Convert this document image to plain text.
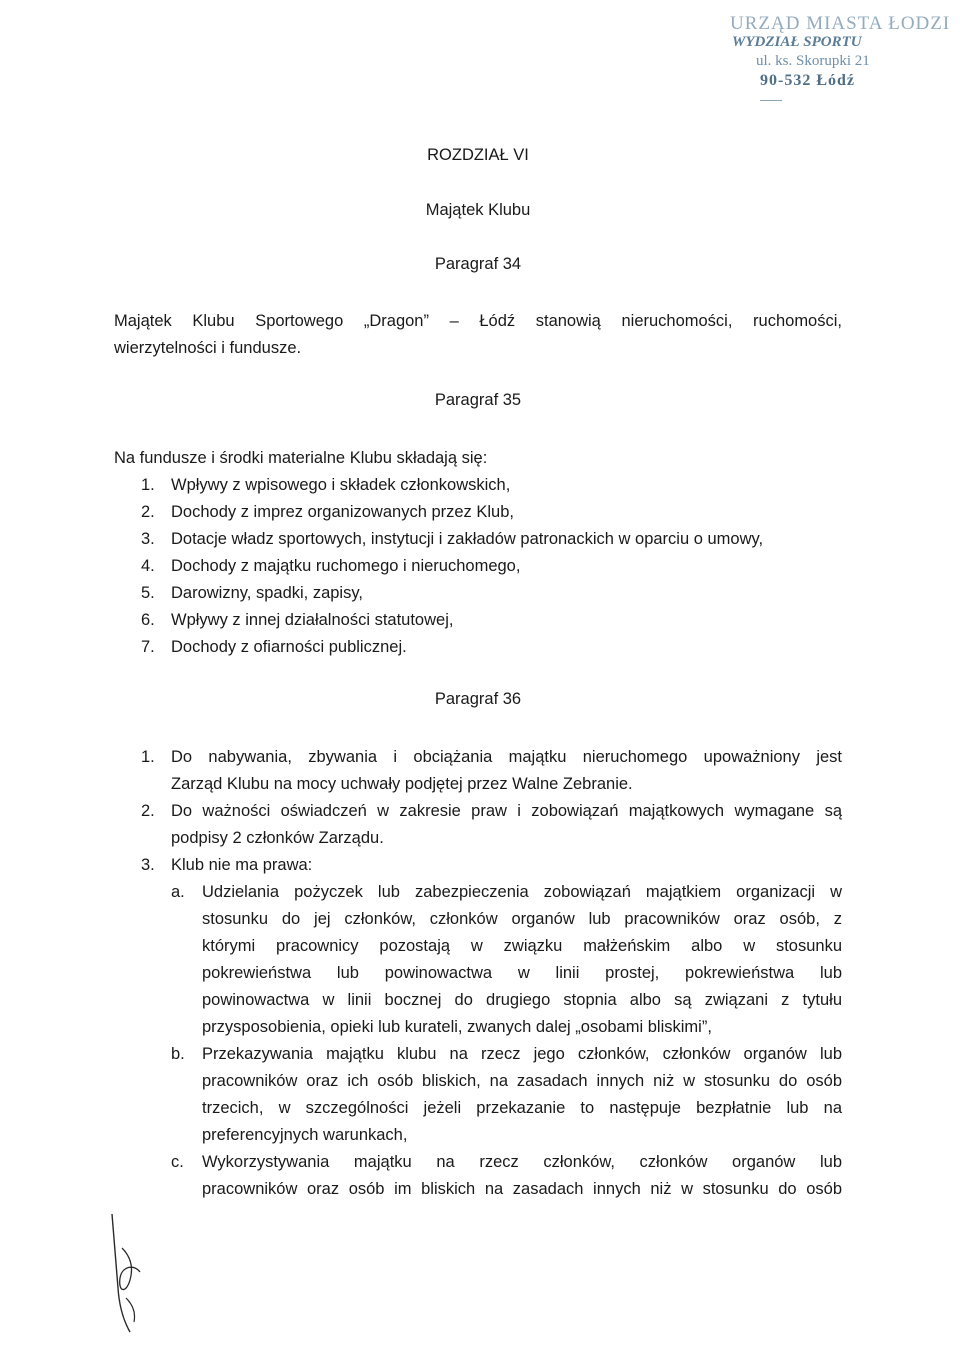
URZĄD MIASTA ŁODZI
WYDZIAŁ SPORTU
ul. ks. Skorupki 21
90-532 Łódź
ROZDZIAŁ VI
Majątek Klubu
Paragraf 34
Majątek Klubu Sportowego „Dragon” – Łódź stanowią nieruchomości, ruchomości,
wierzytelności i fundusze.
Paragraf 35
Na fundusze i środki materialne Klubu składają się:
1. Wpływy z wpisowego i składek członkowskich,
2. Dochody z imprez organizowanych przez Klub,
3. Dotacje władz sportowych, instytucji i zakładów patronackich w oparciu o umowy,
4. Dochody z majątku ruchomego i nieruchomego,
5. Darowizny, spadki, zapisy,
6. Wpływy z innej działalności statutowej,
7. Dochody z ofiarności publicznej.
Paragraf 36
1. Do nabywania, zbywania i obciążania majątku nieruchomego upoważniony jest
Zarząd Klubu na mocy uchwały podjętej przez Walne Zebranie.
2. Do ważności oświadczeń w zakresie praw i zobowiązań majątkowych wymagane są
podpisy 2 członków Zarządu.
3. Klub nie ma prawa:
a.	Udzielania pożyczek lub zabezpieczenia zobowiązań majątkiem organizacji w
stosunku do jej członków, członków organów lub pracowników oraz osób, z
którymi pracownicy pozostają w związku małżeńskim albo w stosunku
pokrewieństwa lub powinowactwa w linii prostej, pokrewieństwa lub
powinowactwa w linii bocznej do drugiego stopnia albo są związani z tytułu
przysposobienia, opieki lub kurateli, zwanych dalej „osobami bliskimi”,
b.	Przekazywania majątku klubu na rzecz jego członków, członków organów lub
pracowników oraz ich osób bliskich, na zasadach innych niż w stosunku do osób
trzecich, w szczególności jeżeli przekazanie to następuje bezpłatnie lub na
preferencyjnych warunkach,
c.	Wykorzystywania majątku na rzecz członków, członków organów lub
pracowników oraz osób im bliskich na zasadach innych niż w stosunku do osób
